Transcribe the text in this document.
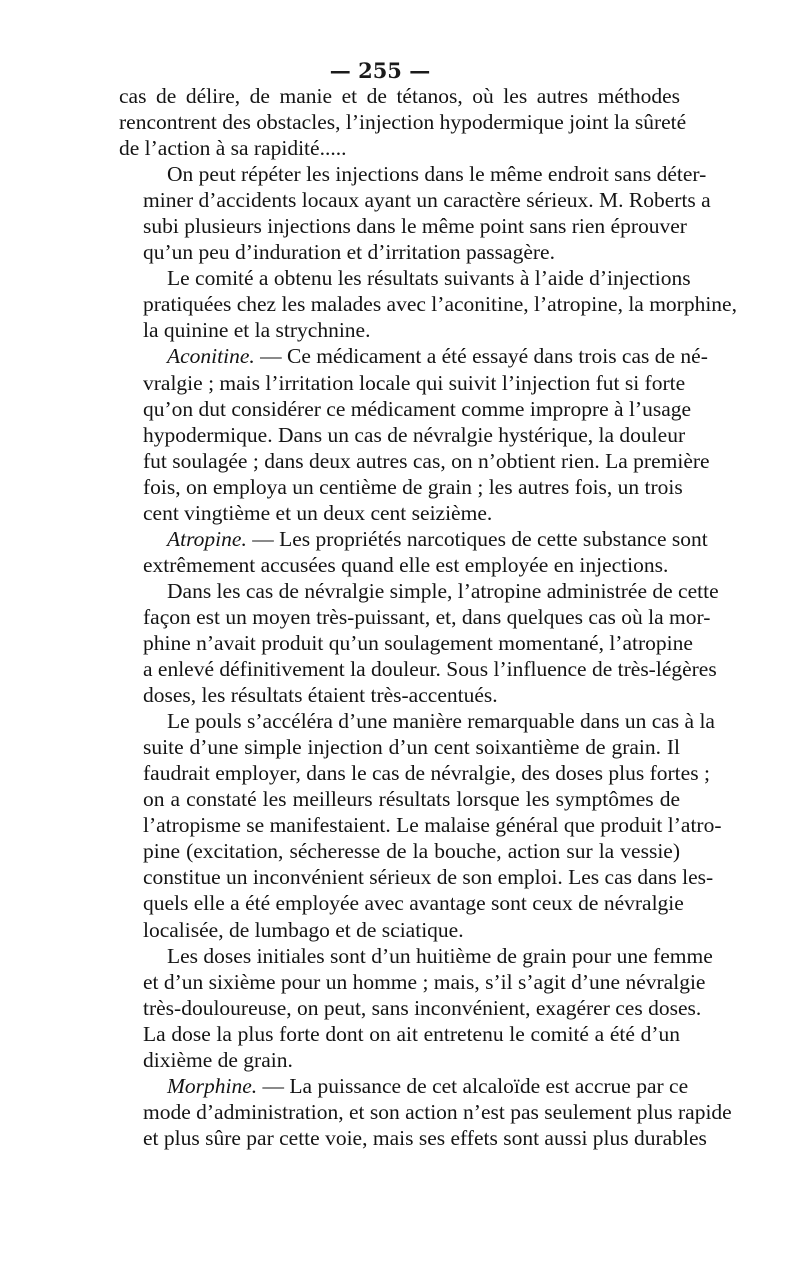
— 255 —
cas de délire, de manie et de tétanos, où les autres méthodes
rencontrent des obstacles, l’injection hypodermique joint la sûreté
de l’action à sa rapidité.....
On peut répéter les injections dans le même endroit sans déter-
miner d’accidents locaux ayant un caractère sérieux. M. Roberts a
subi plusieurs injections dans le même point sans rien éprouver
qu’un peu d’induration et d’irritation passagère.
Le comité a obtenu les résultats suivants à l’aide d’injections
pratiquées chez les malades avec l’aconitine, l’atropine, la morphine,
la quinine et la strychnine.
Aconitine. — Ce médicament a été essayé dans trois cas de né-
vralgie ; mais l’irritation locale qui suivit l’injection fut si forte
qu’on dut considérer ce médicament comme impropre à l’usage
hypodermique. Dans un cas de névralgie hystérique, la douleur
fut soulagée ; dans deux autres cas, on n’obtient rien. La première
fois, on employa un centième de grain ; les autres fois, un trois
cent vingtième et un deux cent seizième.
Atropine. — Les propriétés narcotiques de cette substance sont
extrêmement accusées quand elle est employée en injections.
Dans les cas de névralgie simple, l’atropine administrée de cette
façon est un moyen très-puissant, et, dans quelques cas où la mor-
phine n’avait produit qu’un soulagement momentané, l’atropine
a enlevé définitivement la douleur. Sous l’influence de très-légères
doses, les résultats étaient très-accentués.
Le pouls s’accéléra d’une manière remarquable dans un cas à la
suite d’une simple injection d’un cent soixantième de grain. Il
faudrait employer, dans le cas de névralgie, des doses plus fortes ;
on a constaté les meilleurs résultats lorsque les symptômes de
l’atropisme se manifestaient. Le malaise général que produit l’atro-
pine (excitation, sécheresse de la bouche, action sur la vessie)
constitue un inconvénient sérieux de son emploi. Les cas dans les-
quels elle a été employée avec avantage sont ceux de névralgie
localisée, de lumbago et de sciatique.
Les doses initiales sont d’un huitième de grain pour une femme
et d’un sixième pour un homme ; mais, s’il s’agit d’une névralgie
très-douloureuse, on peut, sans inconvénient, exagérer ces doses.
La dose la plus forte dont on ait entretenu le comité a été d’un
dixième de grain.
Morphine. — La puissance de cet alcaloïde est accrue par ce
mode d’administration, et son action n’est pas seulement plus rapide
et plus sûre par cette voie, mais ses effets sont aussi plus durables
